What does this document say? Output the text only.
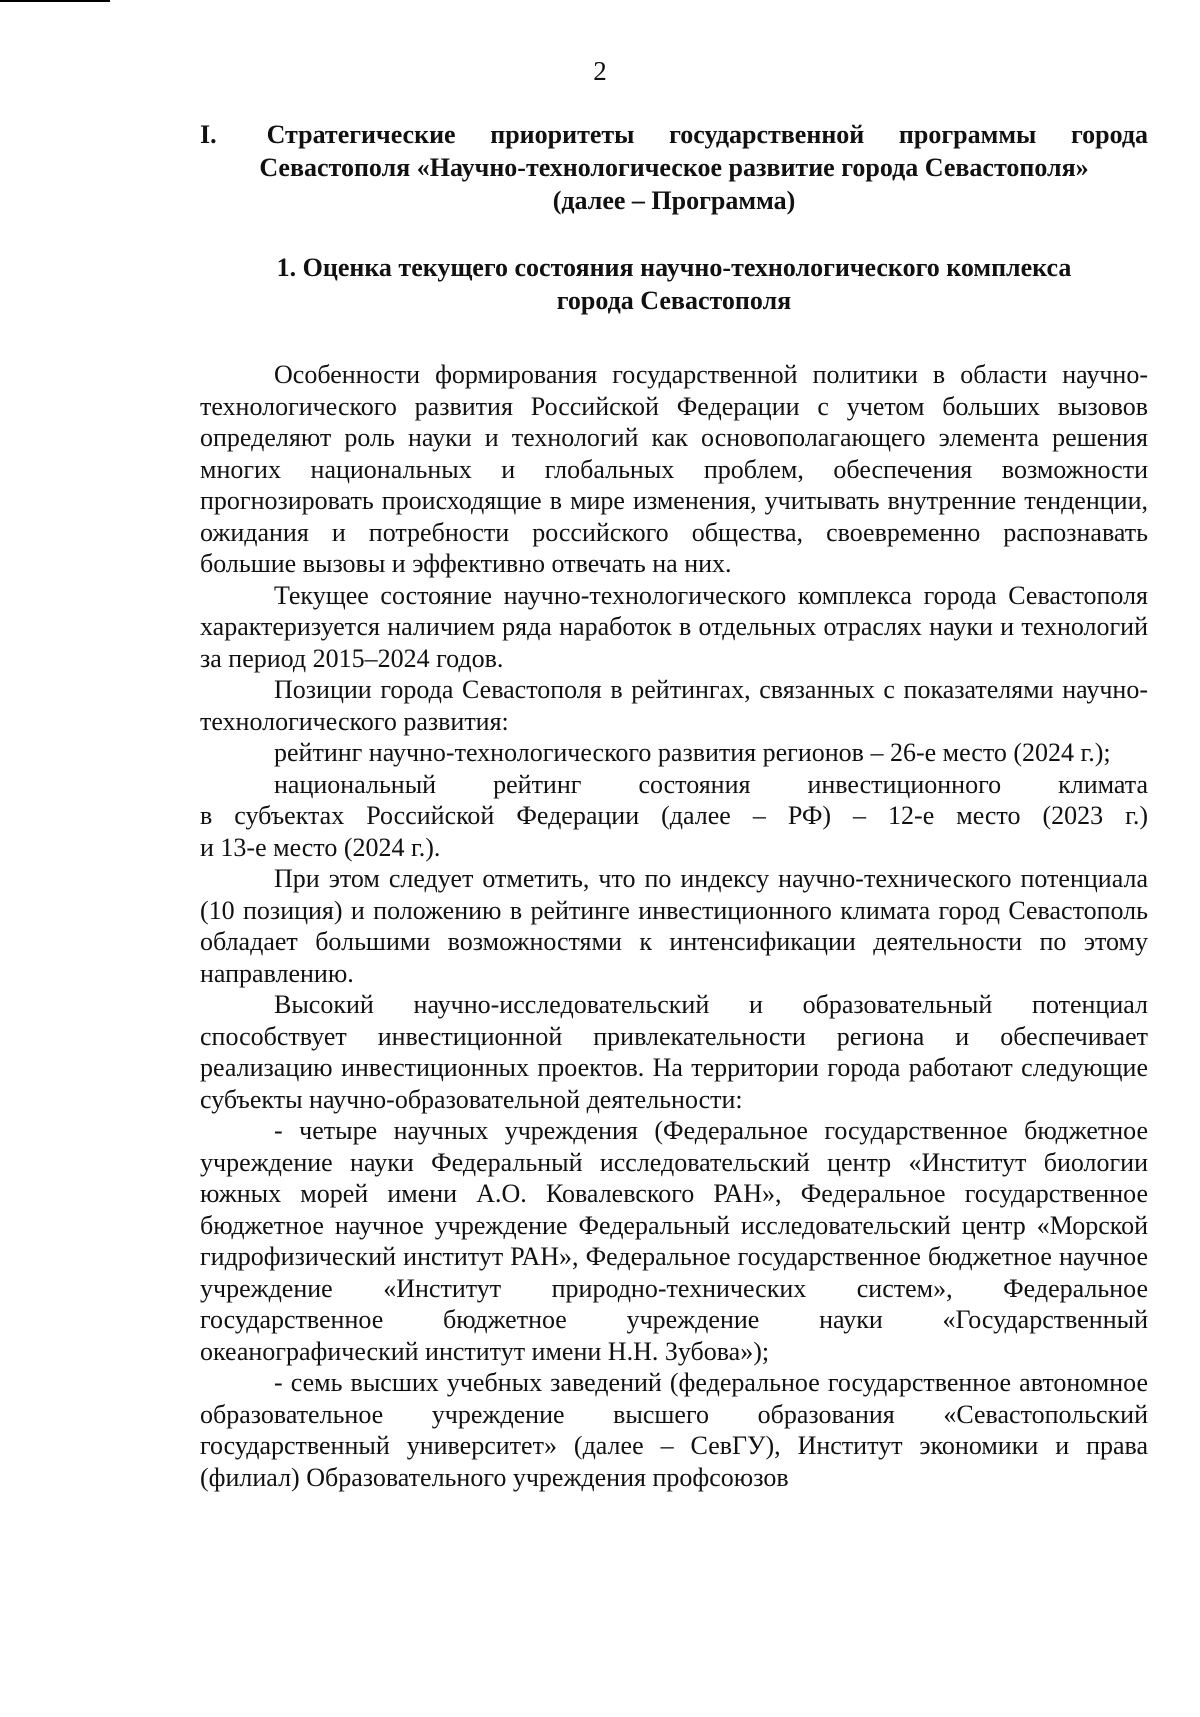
2
I. Стратегические приоритеты государственной программы города
Севастополя «Научно-технологическое развитие города Севастополя»
(далее – Программа)
1. Оценка текущего состояния научно-технологического комплекса
города Севастополя

Особенности формирования государственной политики в области научно-технологического развития Российской Федерации с учетом больших вызовов определяют роль науки и технологий как основополагающего элемента решения многих национальных и глобальных проблем, обеспечения возможности прогнозировать происходящие в мире изменения, учитывать внутренние тенденции, ожидания и потребности российского общества, своевременно распознавать большие вызовы и эффективно отвечать на них.

Текущее состояние научно-технологического комплекса города Севастополя характеризуется наличием ряда наработок в отдельных отраслях науки и технологий за период 2015–2024 годов.

Позиции города Севастополя в рейтингах, связанных с показателями научно-технологического развития:

рейтинг научно-технологического развития регионов – 26-е место (2024 г.);

национальный рейтинг состояния инвестиционного климата

в субъектах Российской Федерации (далее – РФ) – 12-е место (2023 г.)

и 13-е место (2024 г.).

При этом следует отметить, что по индексу научно-технического потенциала (10 позиция) и положению в рейтинге инвестиционного климата город Севастополь обладает большими возможностями к интенсификации деятельности по этому направлению.

Высокий научно-исследовательский и образовательный потенциал способствует инвестиционной привлекательности региона и обеспечивает реализацию инвестиционных проектов. На территории города работают следующие субъекты научно-образовательной деятельности:

- четыре научных учреждения (Федеральное государственное бюджетное учреждение науки Федеральный исследовательский центр «Институт биологии южных морей имени А.О. Ковалевского РАН», Федеральное государственное бюджетное научное учреждение Федеральный исследовательский центр «Морской гидрофизический институт РАН», Федеральное государственное бюджетное научное учреждение «Институт природно-технических систем», Федеральное государственное бюджетное учреждение науки «Государственный океанографический институт имени Н.Н. Зубова»);

- семь высших учебных заведений (федеральное государственное автономное образовательное учреждение высшего образования «Севастопольский государственный университет» (далее – СевГУ), Институт экономики и права (филиал) Образовательного учреждения профсоюзов
